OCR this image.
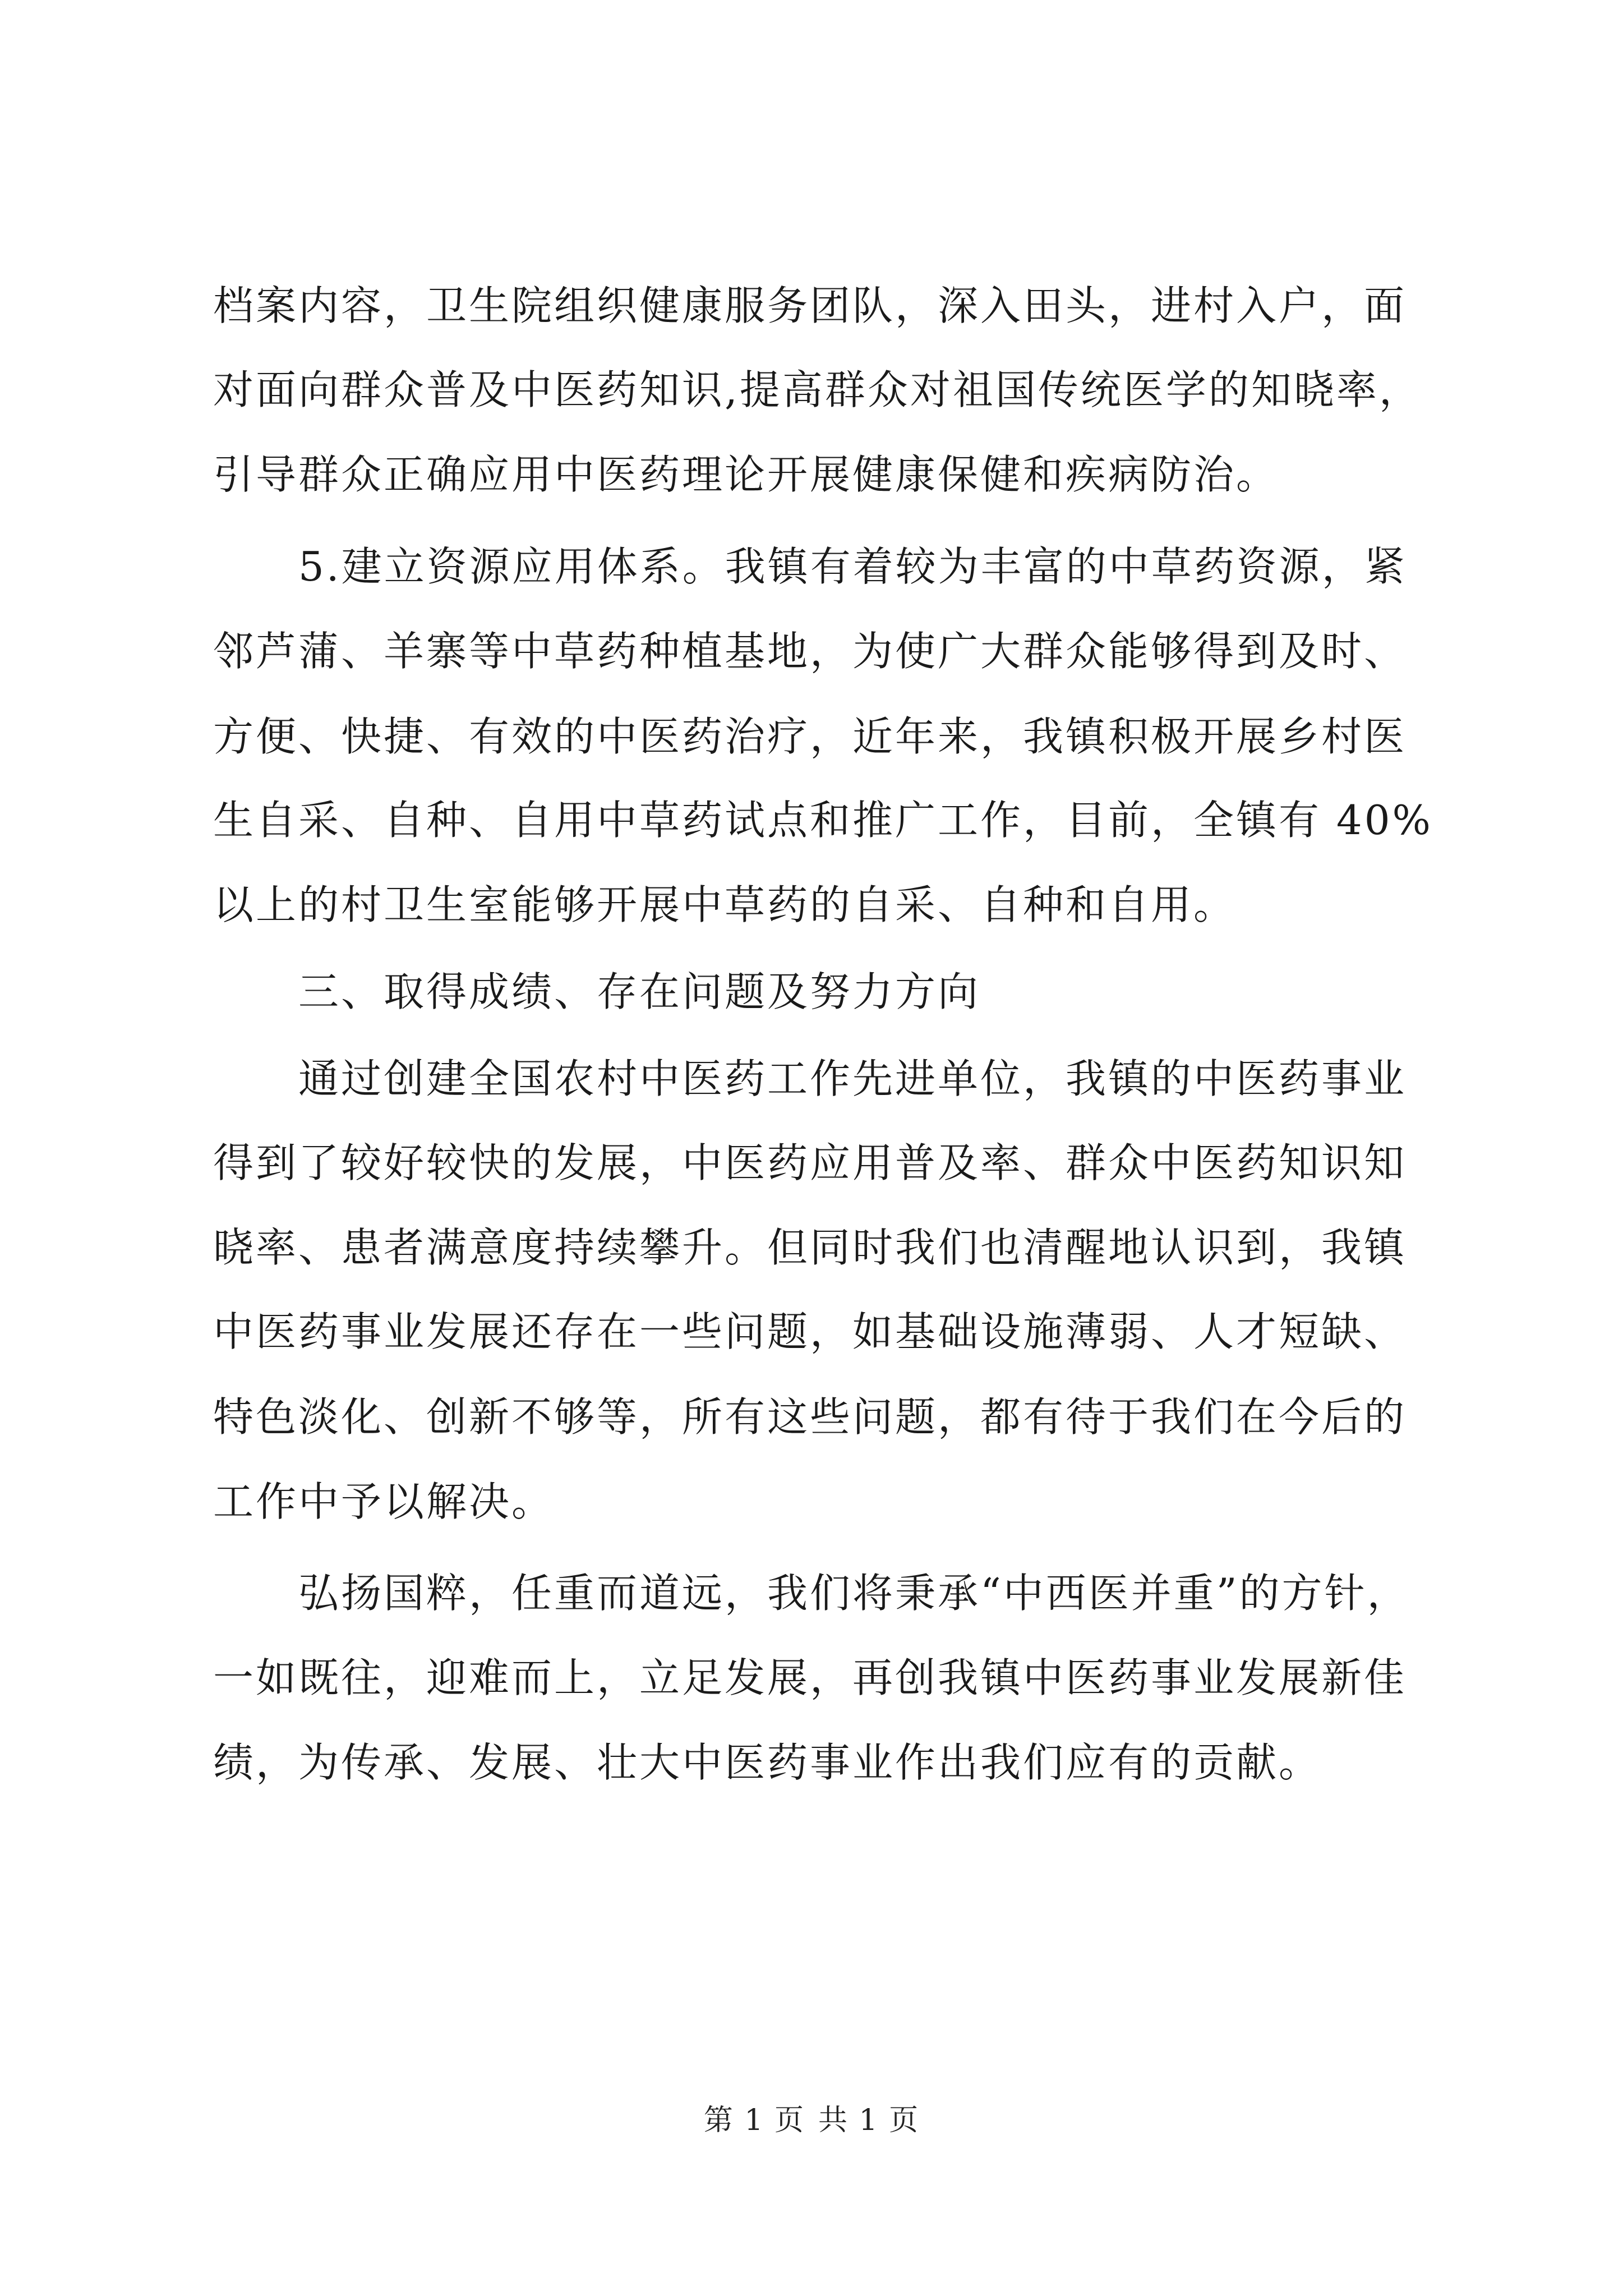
档案内容，卫生院组织健康服务团队，深入田头，进村入户，面
对面向群众普及中医药知识,提高群众对祖国传统医学的知晓率，
引导群众正确应用中医药理论开展健康保健和疾病防治。
5.建立资源应用体系。我镇有着较为丰富的中草药资源，紧
邻芦蒲、羊寨等中草药种植基地，为使广大群众能够得到及时、
方便、快捷、有效的中医药治疗，近年来，我镇积极开展乡村医
生自采、自种、自用中草药试点和推广工作，目前，全镇有 40%
以上的村卫生室能够开展中草药的自采、自种和自用。
三、取得成绩、存在问题及努力方向
通过创建全国农村中医药工作先进单位，我镇的中医药事业
得到了较好较快的发展，中医药应用普及率、群众中医药知识知
晓率、患者满意度持续攀升。但同时我们也清醒地认识到，我镇
中医药事业发展还存在一些问题，如基础设施薄弱、人才短缺、
特色淡化、创新不够等，所有这些问题，都有待于我们在今后的
工作中予以解决。
弘扬国粹，任重而道远，我们将秉承“中西医并重”的方针，
一如既往，迎难而上，立足发展，再创我镇中医药事业发展新佳
绩，为传承、发展、壮大中医药事业作出我们应有的贡献。
第 1 页 共 1 页
